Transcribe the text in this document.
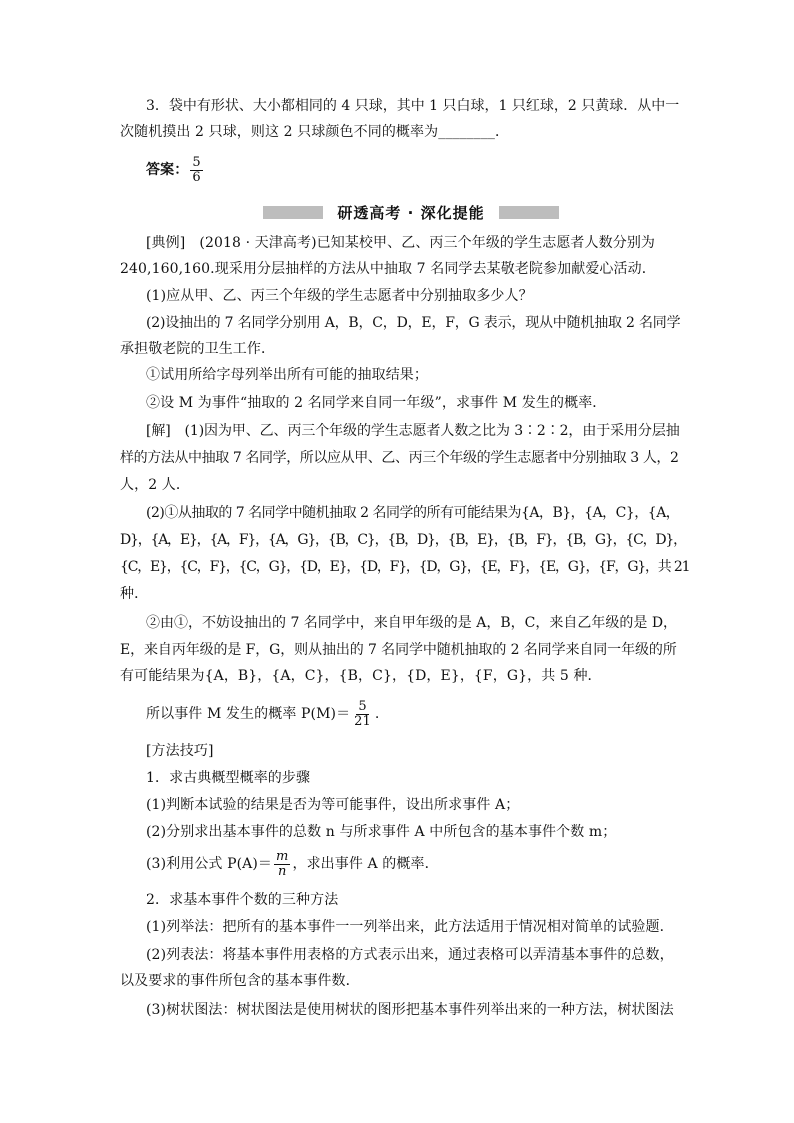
3．袋中有形状、大小都相同的 4 只球，其中 1 只白球，1 只红球，2 只黄球．从中一
次随机摸出 2 只球，则这 2 只球颜色不同的概率为________．
答案： $\frac{5}{6}$
研透高考 · 深化提能
[典例]　(2018 · 天津高考)已知某校甲、乙、丙三个年级的学生志愿者人数分别为
240,160,160.现采用分层抽样的方法从中抽取 7 名同学去某敬老院参加献爱心活动．
(1)应从甲、乙、丙三个年级的学生志愿者中分别抽取多少人？
(2)设抽出的 7 名同学分别用 A，B，C，D，E，F，G 表示，现从中随机抽取 2 名同学
承担敬老院的卫生工作．
①试用所给字母列举出所有可能的抽取结果；
②设 M 为事件“抽取的 2 名同学来自同一年级”，求事件 M 发生的概率．
[解]　(1)因为甲、乙、丙三个年级的学生志愿者人数之比为 3∶2∶2，由于采用分层抽
样的方法从中抽取 7 名同学，所以应从甲、乙、丙三个年级的学生志愿者中分别抽取 3 人，2
人，2 人．
(2)①从抽取的 7 名同学中随机抽取 2 名同学的所有可能结果为{A，B}，{A，C}，{A，
D}，{A，E}，{A，F}，{A，G}，{B，C}，{B，D}，{B，E}，{B，F}，{B，G}，{C，D}，
{C，E}，{C，F}，{C，G}，{D，E}，{D，F}，{D，G}，{E，F}，{E，G}，{F，G}，共 21
种．
②由①，不妨设抽出的 7 名同学中，来自甲年级的是 A，B，C，来自乙年级的是 D，
E，来自丙年级的是 F，G，则从抽出的 7 名同学中随机抽取的 2 名同学来自同一年级的所
有可能结果为{A，B}，{A，C}，{B，C}，{D，E}，{F，G}，共 5 种．
所以事件 M 发生的概率 $P(M)= \frac{5}{21}$ .
[方法技巧]
1．求古典概型概率的步骤
(1)判断本试验的结果是否为等可能事件，设出所求事件 A；
(2)分别求出基本事件的总数 n 与所求事件 A 中所包含的基本事件个数 m；
(3)利用公式 $P(A)= \frac{m}{n}$ ，求出事件 A 的概率．
2．求基本事件个数的三种方法
(1)列举法：把所有的基本事件一一列举出来，此方法适用于情况相对简单的试验题．
(2)列表法：将基本事件用表格的方式表示出来，通过表格可以弄清基本事件的总数，
以及要求的事件所包含的基本事件数．
(3)树状图法：树状图法是使用树状的图形把基本事件列举出来的一种方法，树状图法
